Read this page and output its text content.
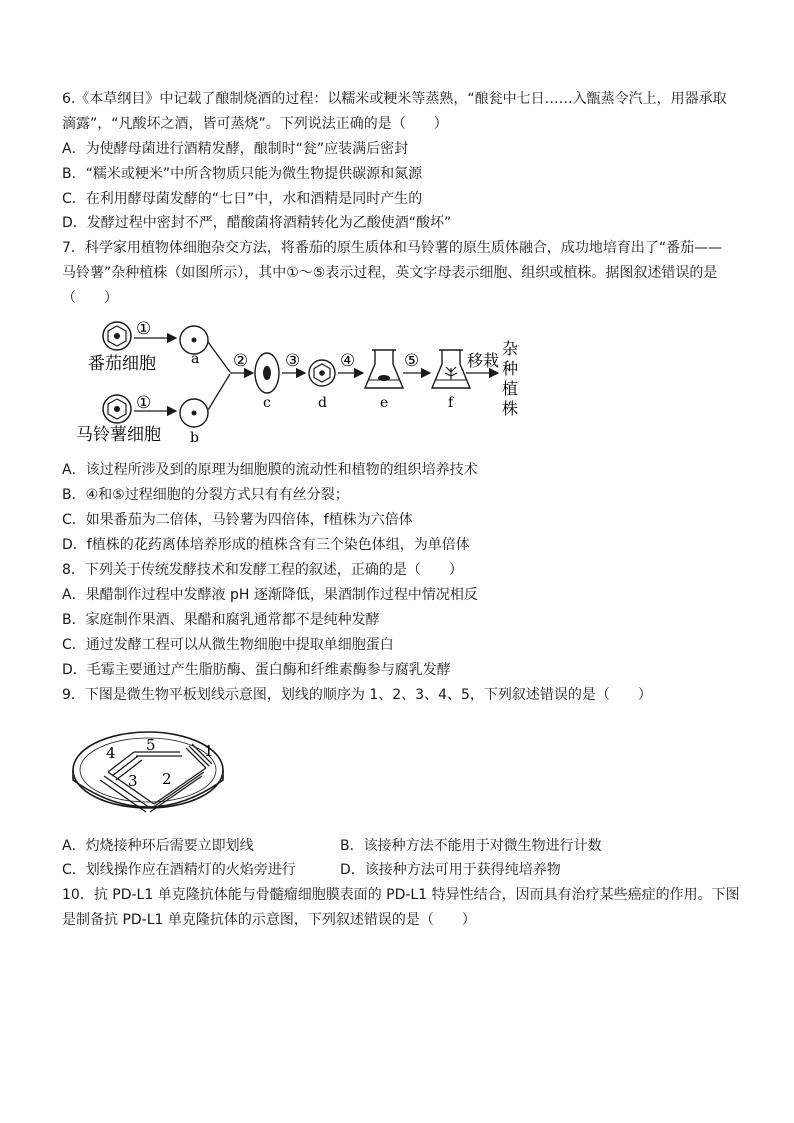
6.《本草纲目》中记载了酿制烧酒的过程：以糯米或粳米等蒸熟，“酿瓮中七日……入甑蒸令汽上，用器承取
滴露”，“凡酸坏之酒，皆可蒸烧”。下列说法正确的是（　　）
A．为使酵母菌进行酒精发酵，酿制时“瓮”应装满后密封
B．“糯米或粳米”中所含物质只能为微生物提供碳源和氮源
C．在利用酵母菌发酵的“七日”中，水和酒精是同时产生的
D．发酵过程中密封不严，醋酸菌将酒精转化为乙酸使酒“酸坏”
7．科学家用植物体细胞杂交方法，将番茄的原生质体和马铃薯的原生质体融合，成功地培育出了“番茄——
马铃薯”杂种植株（如图所示），其中①～⑤表示过程，英文字母表示细胞、组织或植株。据图叙述错误的是
（　　）
①
a
番茄细胞
①
b
马铃薯细胞
②
c
③
d
④
e
⑤
f
移栽
杂
种
植
株
A．该过程所涉及到的原理为细胞膜的流动性和植物的组织培养技术
B．④和⑤过程细胞的分裂方式只有有丝分裂；
C．如果番茄为二倍体，马铃薯为四倍体，f植株为六倍体
D．f植株的花药离体培养形成的植株含有三个染色体组，为单倍体
8．下列关于传统发酵技术和发酵工程的叙述，正确的是（　　）
A．果醋制作过程中发酵液 pH 逐渐降低，果酒制作过程中情况相反
B．家庭制作果酒、果醋和腐乳通常都不是纯种发酵
C．通过发酵工程可以从微生物细胞中提取单细胞蛋白
D．毛霉主要通过产生脂肪酶、蛋白酶和纤维素酶参与腐乳发酵
9．下图是微生物平板划线示意图，划线的顺序为 1、2、3、4、5，下列叙述错误的是（　　）
1
2
3
4 5
A．灼烧接种环后需要立即划线	B．该接种方法不能用于对微生物进行计数
C．划线操作应在酒精灯的火焰旁进行	D．该接种方法可用于获得纯培养物
10．抗 PD-L1 单克隆抗体能与骨髓瘤细胞膜表面的 PD-L1 特异性结合，因而具有治疗某些癌症的作用。下图
是制备抗 PD-L1 单克隆抗体的示意图，下列叙述错误的是（　　）
